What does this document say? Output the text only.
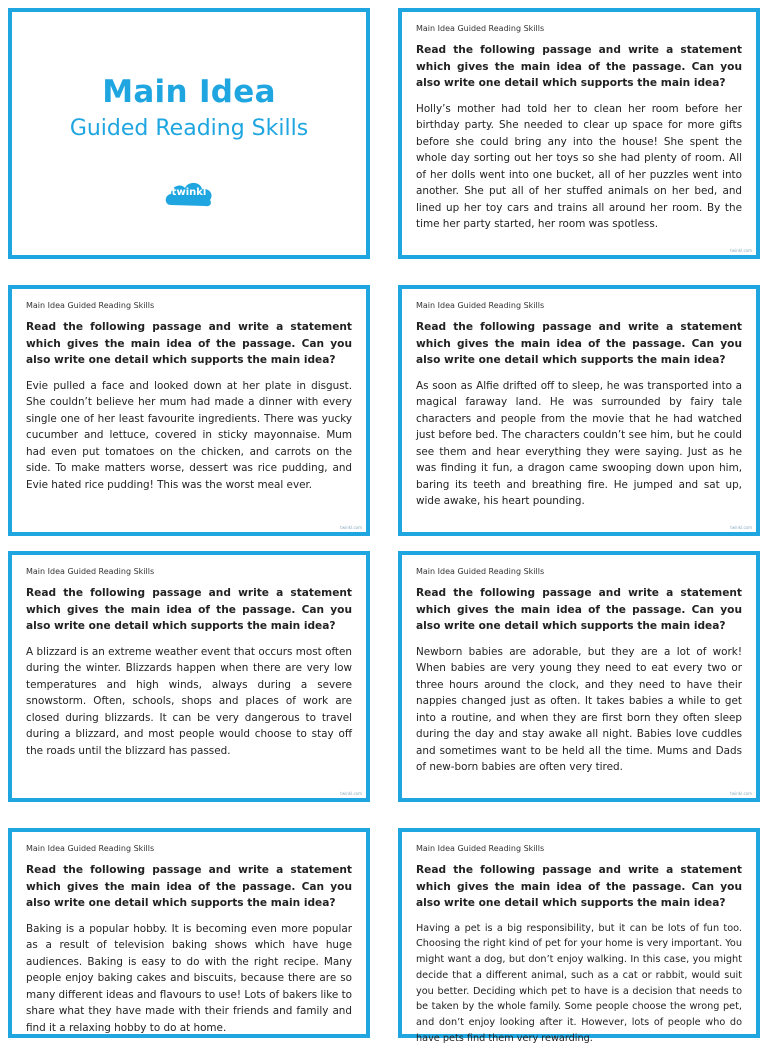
Main Idea
Guided Reading Skills
twinkl
Main Idea Guided Reading Skills
Read the following passage and write a statement which gives the main idea of the passage. Can you also write one detail which supports the main idea?
Holly’s mother had told her to clean her room before her birthday party. She needed to clear up space for more gifts before she could bring any into the house! She spent the whole day sorting out her toys so she had plenty of room. All of her dolls went into one bucket, all of her puzzles went into another. She put all of her stuffed animals on her bed, and lined up her toy cars and trains all around her room. By the time her party started, her room was spotless.
twinkl.com
Main Idea Guided Reading Skills
Read the following passage and write a statement which gives the main idea of the passage. Can you also write one detail which supports the main idea?
Evie pulled a face and looked down at her plate in disgust. She couldn’t believe her mum had made a dinner with every single one of her least favourite ingredients. There was yucky cucumber and lettuce, covered in sticky mayonnaise. Mum had even put tomatoes on the chicken, and carrots on the side. To make matters worse, dessert was rice pudding, and Evie hated rice pudding! This was the worst meal ever.
twinkl.com
Main Idea Guided Reading Skills
Read the following passage and write a statement which gives the main idea of the passage. Can you also write one detail which supports the main idea?
As soon as Alfie drifted off to sleep, he was transported into a magical faraway land. He was surrounded by fairy tale characters and people from the movie that he had watched just before bed. The characters couldn’t see him, but he could see them and hear everything they were saying. Just as he was finding it fun, a dragon came swooping down upon him, baring its teeth and breathing fire. He jumped and sat up, wide awake, his heart pounding.
twinkl.com
Main Idea Guided Reading Skills
Read the following passage and write a statement which gives the main idea of the passage. Can you also write one detail which supports the main idea?
A blizzard is an extreme weather event that occurs most often during the winter. Blizzards happen when there are very low temperatures and high winds, always during a severe snowstorm. Often, schools, shops and places of work are closed during blizzards. It can be very dangerous to travel during a blizzard, and most people would choose to stay off the roads until the blizzard has passed.
twinkl.com
Main Idea Guided Reading Skills
Read the following passage and write a statement which gives the main idea of the passage. Can you also write one detail which supports the main idea?
Newborn babies are adorable, but they are a lot of work! When babies are very young they need to eat every two or three hours around the clock, and they need to have their nappies changed just as often. It takes babies a while to get into a routine, and when they are first born they often sleep during the day and stay awake all night. Babies love cuddles and sometimes want to be held all the time. Mums and Dads of new-born babies are often very tired.
twinkl.com
Main Idea Guided Reading Skills
Read the following passage and write a statement which gives the main idea of the passage. Can you also write one detail which supports the main idea?
Baking is a popular hobby. It is becoming even more popular as a result of television baking shows which have huge audiences. Baking is easy to do with the right recipe. Many people enjoy baking cakes and biscuits, because there are so many different ideas and flavours to use! Lots of bakers like to share what they have made with their friends and family and find it a relaxing hobby to do at home.
Main Idea Guided Reading Skills
Read the following passage and write a statement which gives the main idea of the passage. Can you also write one detail which supports the main idea?
Having a pet is a big responsibility, but it can be lots of fun too. Choosing the right kind of pet for your home is very important. You might want a dog, but don’t enjoy walking. In this case, you might decide that a different animal, such as a cat or rabbit, would suit you better. Deciding which pet to have is a decision that needs to be taken by the whole family. Some people choose the wrong pet, and don’t enjoy looking after it. However, lots of people who do have pets find them very rewarding.
